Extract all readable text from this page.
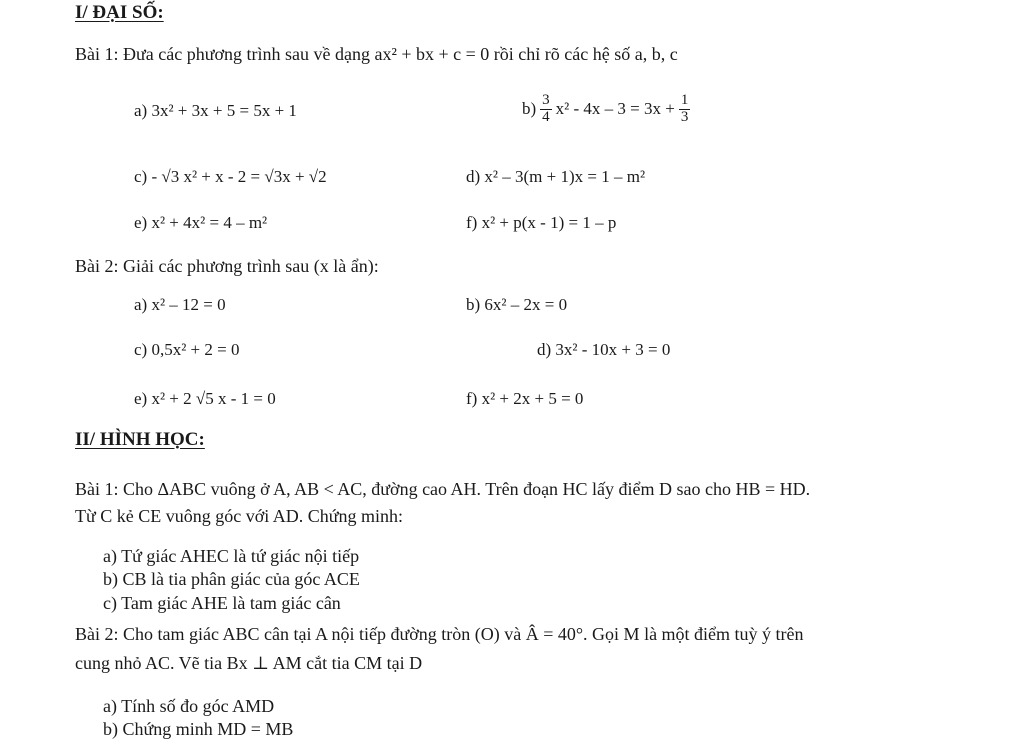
I/ ĐẠI SỐ:
Bài 1: Đưa các phương trình sau về dạng ax² + bx + c = 0 rồi chỉ rõ các hệ số a, b, c
a) 3x² + 3x + 5 = 5x + 1	$b) \frac{3}{4} x^2 - 4x - 3 = 3x + \frac{1}{3}$
c) - √3 x² + x - 2 = √3x + √2	d) x² – 3(m + 1)x = 1 – m²
e) x² + 4x² = 4 – m²	f) x² + p(x - 1) = 1 – p
Bài 2: Giải các phương trình sau (x là ẩn):
a) x² – 12 = 0	b) 6x² – 2x = 0
c) 0,5x² + 2 = 0	d) 3x² - 10x + 3 = 0
e) x² + 2 √5 x - 1 = 0	f) x² + 2x + 5 = 0
II/ HÌNH HỌC:
Bài 1: Cho ΔABC vuông ở A, AB < AC, đường cao AH. Trên đoạn HC lấy điểm D sao cho HB = HD.
Từ C kẻ CE vuông góc với AD. Chứng minh:
a) Tứ giác AHEC là tứ giác nội tiếp
b) CB là tia phân giác của góc ACE
c) Tam giác AHE là tam giác cân
Bài 2: Cho tam giác ABC cân tại A nội tiếp đường tròn (O) và Â = 40°. Gọi M là một điểm tuỳ ý trên
cung nhỏ AC. Vẽ tia Bx ⊥ AM cắt tia CM tại D
a) Tính số đo góc AMD
b) Chứng minh MD = MB
